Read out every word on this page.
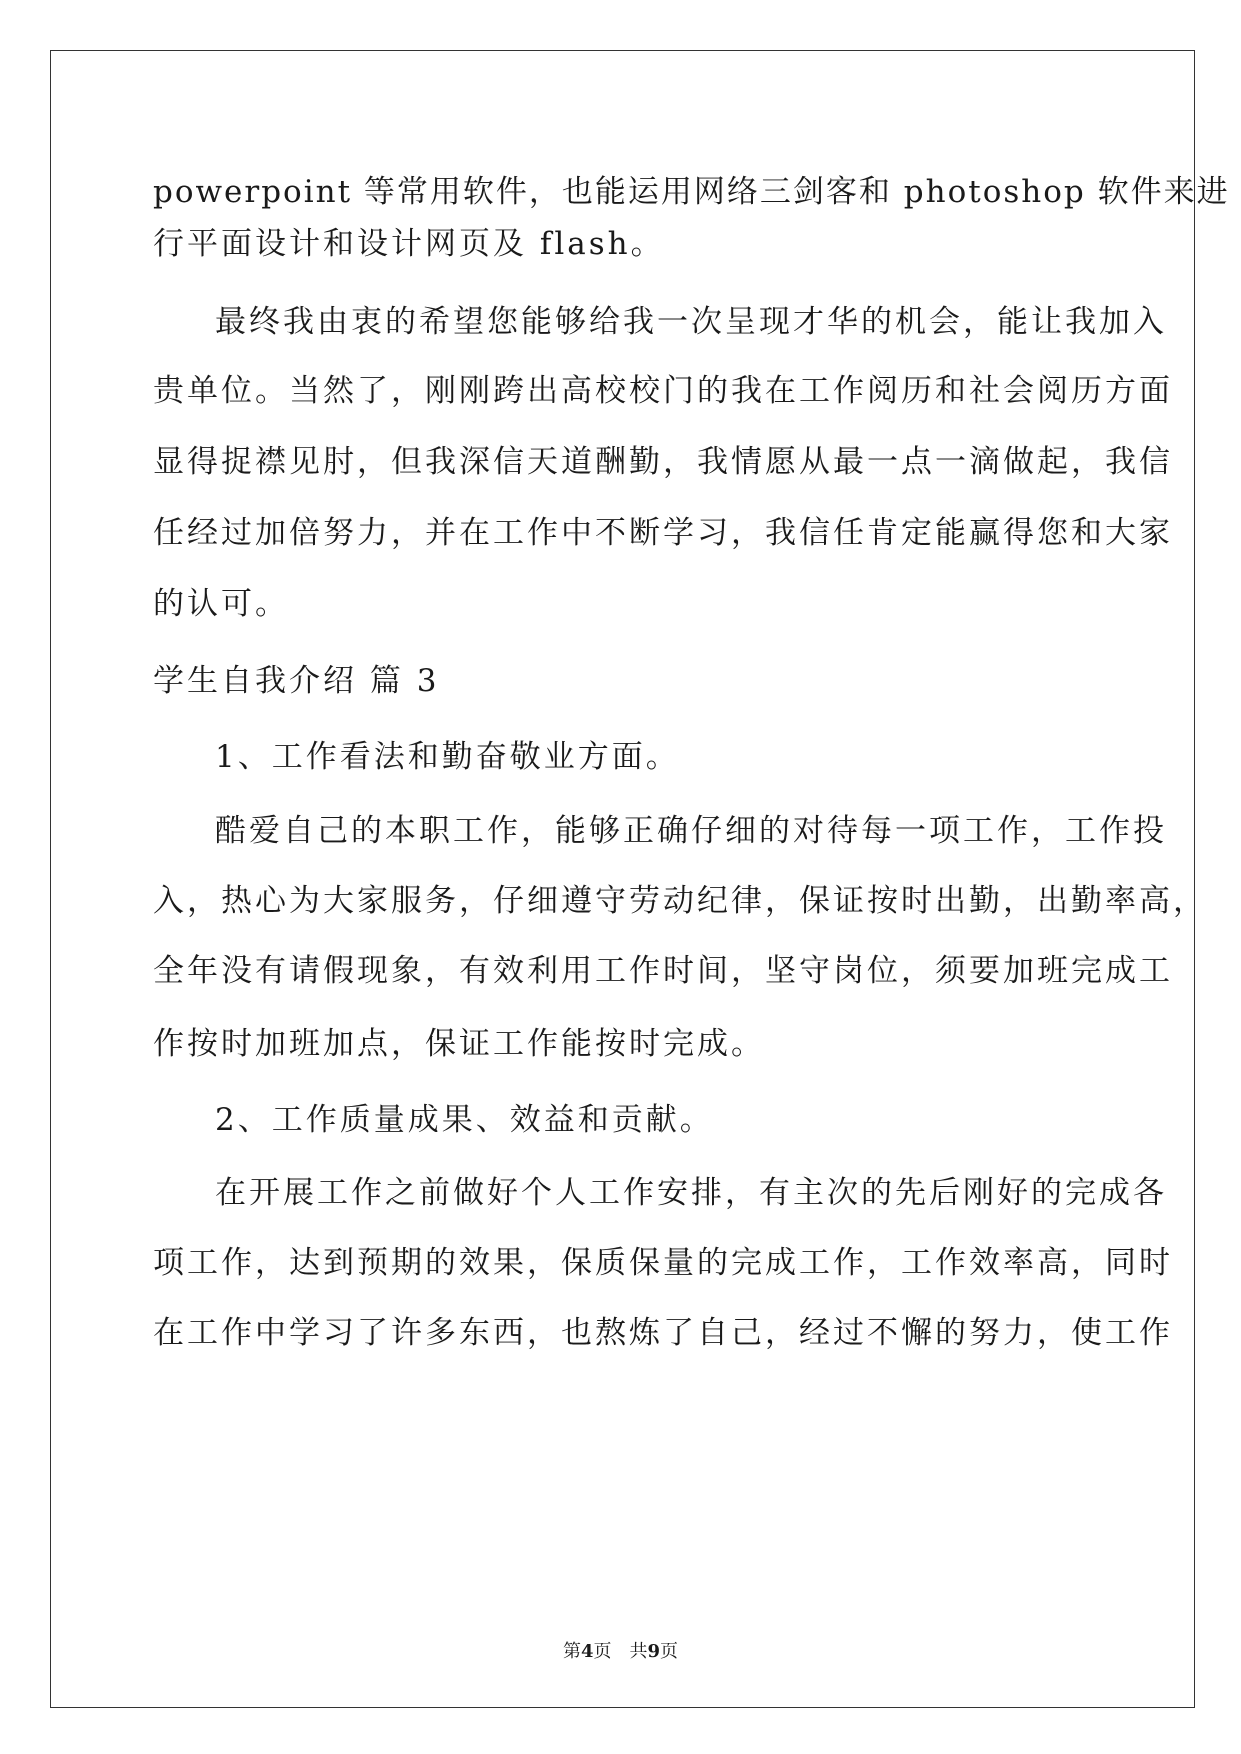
powerpoint 等常用软件，也能运用网络三剑客和 photoshop 软件来进
行平面设计和设计网页及 flash。
最终我由衷的希望您能够给我一次呈现才华的机会，能让我加入
贵单位。当然了，刚刚跨出高校校门的我在工作阅历和社会阅历方面
显得捉襟见肘，但我深信天道酬勤，我情愿从最一点一滴做起，我信
任经过加倍努力，并在工作中不断学习，我信任肯定能赢得您和大家
的认可。
学生自我介绍 篇 3
1、工作看法和勤奋敬业方面。
酷爱自己的本职工作，能够正确仔细的对待每一项工作，工作投
入，热心为大家服务，仔细遵守劳动纪律，保证按时出勤，出勤率高，
全年没有请假现象，有效利用工作时间，坚守岗位，须要加班完成工
作按时加班加点，保证工作能按时完成。
2、工作质量成果、效益和贡献。
在开展工作之前做好个人工作安排，有主次的先后刚好的完成各
项工作，达到预期的效果，保质保量的完成工作，工作效率高，同时
在工作中学习了许多东西，也熬炼了自己，经过不懈的努力，使工作
第4页　共9页
